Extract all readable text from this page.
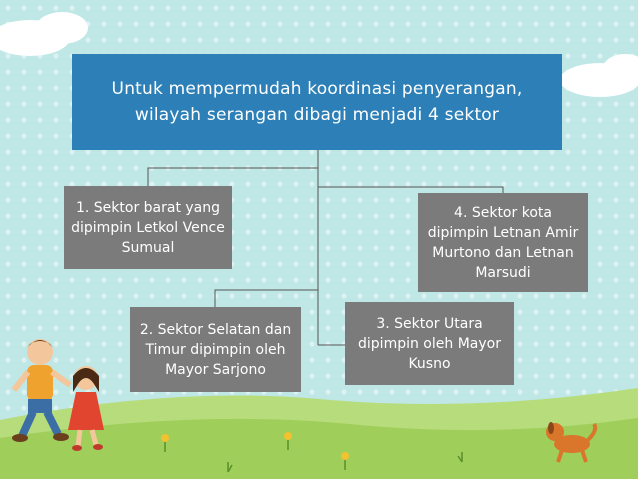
Untuk mempermudah koordinasi penyerangan,
wilayah serangan dibagi menjadi 4 sektor
1. Sektor barat yang
dipimpin Letkol Vence
Sumual
2. Sektor Selatan dan
Timur dipimpin oleh
Mayor Sarjono
3. Sektor Utara
dipimpin oleh Mayor
Kusno
4. Sektor kota
dipimpin Letnan Amir
Murtono dan Letnan
Marsudi
